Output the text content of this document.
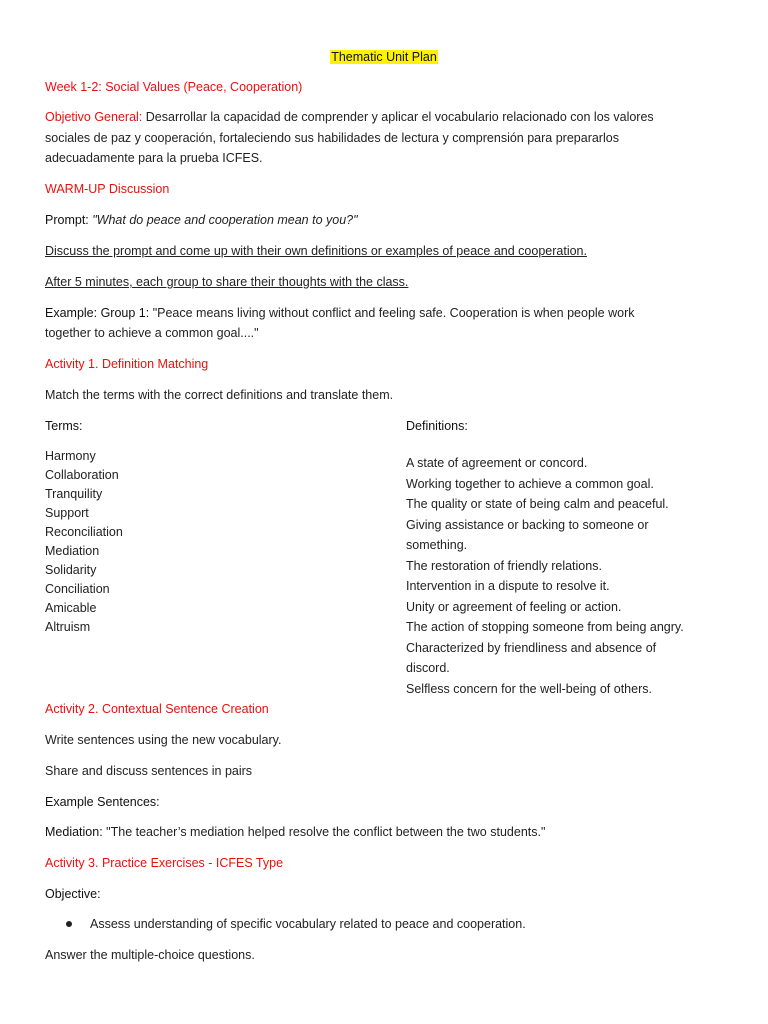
Thematic Unit Plan
Week 1-2: Social Values (Peace, Cooperation)
Objetivo General: Desarrollar la capacidad de comprender y aplicar el vocabulario relacionado con los valores
sociales de paz y cooperación, fortaleciendo sus habilidades de lectura y comprensión para prepararlos
adecuadamente para la prueba ICFES.
WARM-UP Discussion
Prompt: "What do peace and cooperation mean to you?"
Discuss the prompt and come up with their own definitions or examples of peace and cooperation.
After 5 minutes, each group to share their thoughts with the class.
Example: Group 1: "Peace means living without conflict and feeling safe. Cooperation is when people work
together to achieve a common goal...."
Activity 1. Definition Matching
Match the terms with the correct definitions and translate them.
Terms:	Definitions:
Harmony
Collaboration
Tranquility
Support
Reconciliation
Mediation
Solidarity
Conciliation
Amicable
Altruism
A state of agreement or concord.
Working together to achieve a common goal.
The quality or state of being calm and peaceful.
Giving assistance or backing to someone or
something.
The restoration of friendly relations.
Intervention in a dispute to resolve it.
Unity or agreement of feeling or action.
The action of stopping someone from being angry.
Characterized by friendliness and absence of
discord.
Selfless concern for the well-being of others.
Activity 2. Contextual Sentence Creation
Write sentences using the new vocabulary.
Share and discuss sentences in pairs
Example Sentences:
Mediation: "The teacher’s mediation helped resolve the conflict between the two students."
Activity 3. Practice Exercises - ICFES Type
Objective:
Assess understanding of specific vocabulary related to peace and cooperation.
Answer the multiple-choice questions.
